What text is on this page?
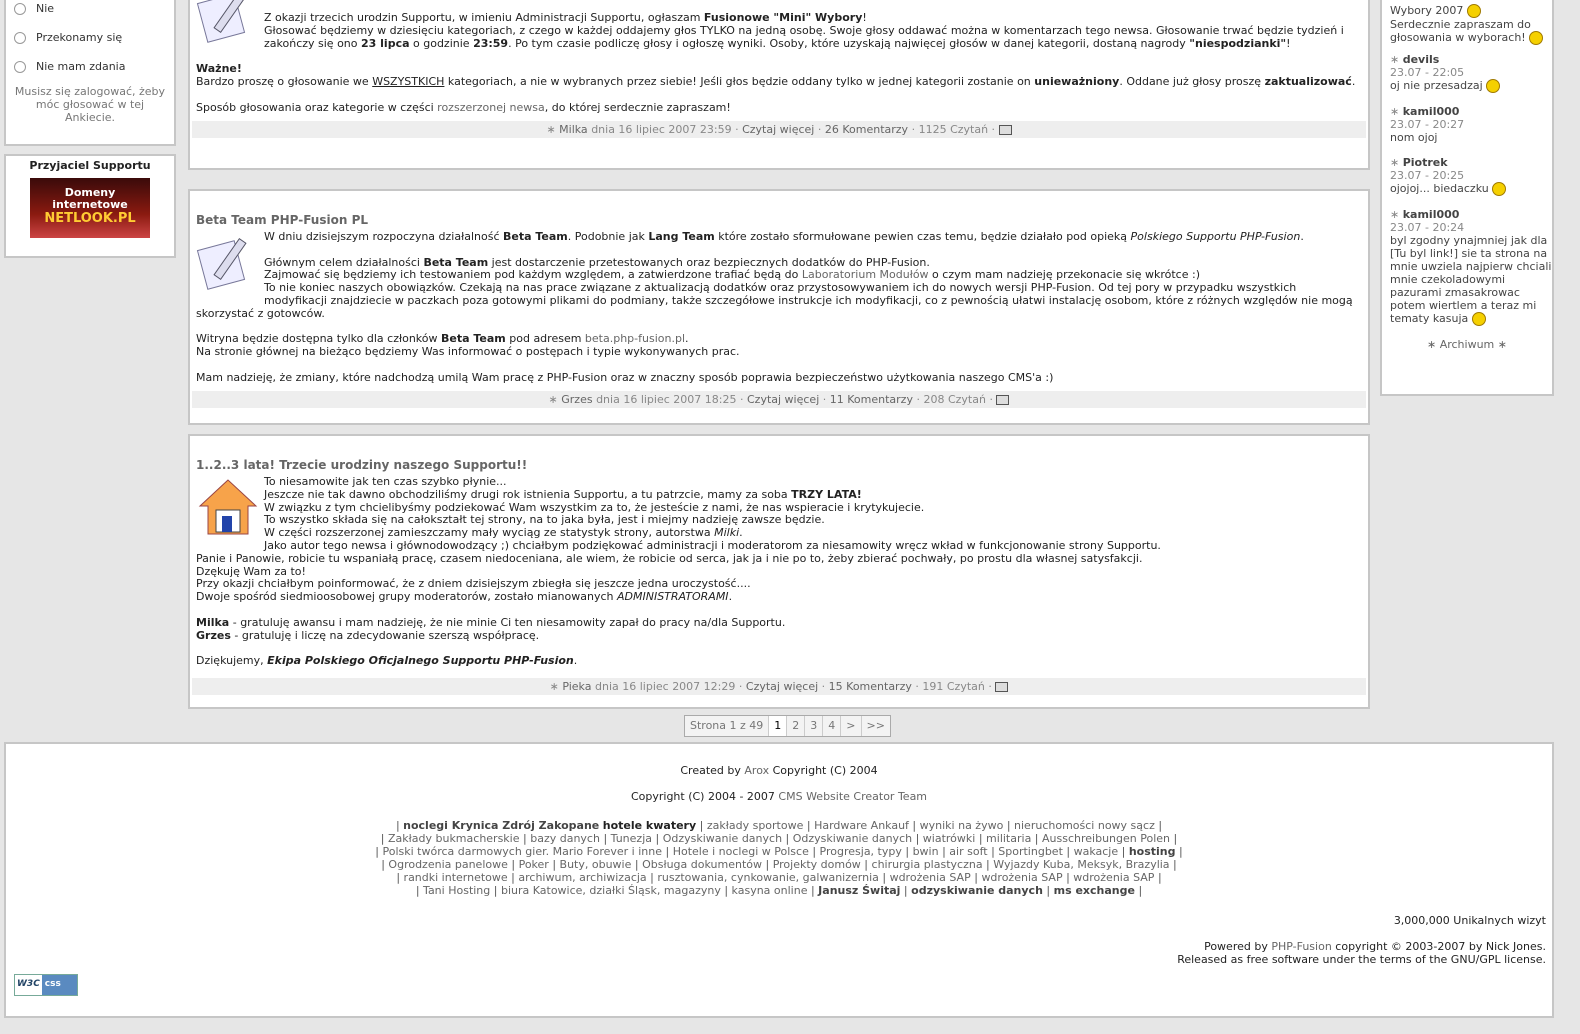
Nie
Przekonamy się
Nie mam zdania
Musisz się zalogować, żeby móc głosować w tej Ankiecie.
Przyjaciel Supportu
Domeny
internetowe
NETLOOK.PL
Wybory 2007
Serdecznie zapraszam do głosowania w wyborach!
∗ devils
23.07 - 22:05
oj nie przesadzaj
∗ kamil000
23.07 - 20:27
nom ojoj
∗ Piotrek
23.07 - 20:25
ojojoj... biedaczku
∗ kamil000
23.07 - 20:24
byl zgodny ynajmniej jak dla [Tu byl link!] sie ta strona na mnie uwziela najpierw chciali mnie czekoladowymi pazurami zmasakrowac potem wiertlem a teraz mi tematy kasuja
∗ Archiwum ∗
Z okazji trzecich urodzin Supportu, w imieniu Administracji Supportu, ogłaszam Fusionowe "Mini" Wybory!
Głosować będziemy w dziesięciu kategoriach, z czego w każdej oddajemy głos TYLKO na jedną osobę. Swoje głosy oddawać można w komentarzach tego newsa. Głosowanie trwać będzie tydzień i zakończy się ono 23 lipca o godzinie 23:59. Po tym czasie podliczę głosy i ogłoszę wyniki. Osoby, które uzyskają najwięcej głosów w danej kategorii, dostaną nagrody "niespodzianki"!
Ważne!
Bardzo proszę o głosowanie we WSZYSTKICH kategoriach, a nie w wybranych przez siebie! Jeśli głos będzie oddany tylko w jednej kategorii zostanie on unieważniony. Oddane już głosy proszę zaktualizować.

Sposób głosowania oraz kategorie w części rozszerzonej newsa, do której serdecznie zapraszam!
∗ Milka dnia 16 lipiec 2007 23:59 · Czytaj więcej · 26 Komentarzy · 1125 Czytań ·
Beta Team PHP-Fusion PL
W dniu dzisiejszym rozpoczyna działalność Beta Team. Podobnie jak Lang Team które zostało sformułowane pewien czas temu, będzie działało pod opieką Polskiego Supportu PHP-Fusion.

Głównym celem działalności Beta Team jest dostarczenie przetestowanych oraz bezpiecznych dodatków do PHP-Fusion.
Zajmować się będziemy ich testowaniem pod każdym względem, a zatwierdzone trafiać będą do Laboratorium Modułów o czym mam nadzieję przekonacie się wkrótce :)
To nie koniec naszych obowiązków. Czekają na nas prace związane z aktualizacją dodatków oraz przystosowywaniem ich do nowych wersji PHP-Fusion. Od tej pory w przypadku wszystkich modyfikacji znajdziecie w paczkach poza gotowymi plikami do podmiany, także szczegółowe instrukcje ich modyfikacji, co z pewnością ułatwi instalację osobom, które z różnych względów nie mogą skorzystać z gotowców.

Witryna będzie dostępna tylko dla członków Beta Team pod adresem beta.php-fusion.pl.
Na stronie głównej na bieżąco będziemy Was informować o postępach i typie wykonywanych prac.

Mam nadzieję, że zmiany, które nadchodzą umilą Wam pracę z PHP-Fusion oraz w znaczny sposób poprawia bezpieczeństwo użytkowania naszego CMS'a :)
∗ Grzes dnia 16 lipiec 2007 18:25 · Czytaj więcej · 11 Komentarzy · 208 Czytań ·
1..2..3 lata! Trzecie urodziny naszego Supportu!!
To niesamowite jak ten czas szybko płynie...
Jeszcze nie tak dawno obchodziliśmy drugi rok istnienia Supportu, a tu patrzcie, mamy za soba TRZY LATA!
W związku z tym chcielibyśmy podziekować Wam wszystkim za to, że jesteście z nami, że nas wspieracie i krytykujecie.
To wszystko składa się na całokształt tej strony, na to jaka była, jest i miejmy nadzieję zawsze będzie.
W części rozszerzonej zamieszczamy mały wyciąg ze statystyk strony, autorstwa Milki.
Jako autor tego newsa i głównodowodzący ;) chciałbym podziękować administracji i moderatorom za niesamowity wręcz wkład w funkcjonowanie strony Supportu.
Panie i Panowie, robicie tu wspaniałą pracę, czasem niedoceniana, ale wiem, że robicie od serca, jak ja i nie po to, żeby zbierać pochwały, po prostu dla własnej satysfakcji.
Dzękuję Wam za to!
Przy okazji chciałbym poinformować, że z dniem dzisiejszym zbiegła się jeszcze jedna uroczystość....
Dwoje spośród siedmioosobowej grupy moderatorów, zostało mianowanych ADMINISTRATORAMI.

Milka - gratuluję awansu i mam nadzieję, że nie minie Ci ten niesamowity zapał do pracy na/dla Supportu.
Grzes - gratuluję i liczę na zdecydowanie szerszą współpracę.

Dziękujemy, Ekipa Polskiego Oficjalnego Supportu PHP-Fusion.
∗ Pieka dnia 16 lipiec 2007 12:29 · Czytaj więcej · 15 Komentarzy · 191 Czytań ·
Strona 1 z 49	1	2	3	4	>	>>
Created by Arox Copyright (C) 2004
Copyright (C) 2004 - 2007 CMS Website Creator Team
| noclegi Krynica Zdrój Zakopane hotele kwatery | zakłady sportowe | Hardware Ankauf | wyniki na żywo | nieruchomości nowy sącz |
| Zakłady bukmacherskie | bazy danych | Tunezja | Odzyskiwanie danych | Odzyskiwanie danych | wiatrówki | militaria | Ausschreibungen Polen |
| Polski twórca darmowych gier. Mario Forever i inne | Hotele i noclegi w Polsce | Progresja, typy | bwin | air soft | Sportingbet | wakacje | hosting |
| Ogrodzenia panelowe | Poker | Buty, obuwie | Obsługa dokumentów | Projekty domów | chirurgia plastyczna | Wyjazdy Kuba, Meksyk, Brazylia |
| randki internetowe | archiwum, archiwizacja | rusztowania, cynkowanie, galwanizernia | wdrożenia SAP | wdrożenia SAP | wdrożenia SAP |
| Tani Hosting | biura Katowice, działki Śląsk, magazyny | kasyna online | Janusz Świtaj | odzyskiwanie danych | ms exchange |
3,000,000 Unikalnych wizyt
Powered by PHP-Fusion copyright © 2003-2007 by Nick Jones.
Released as free software under the terms of the GNU/GPL license.
W3C css
